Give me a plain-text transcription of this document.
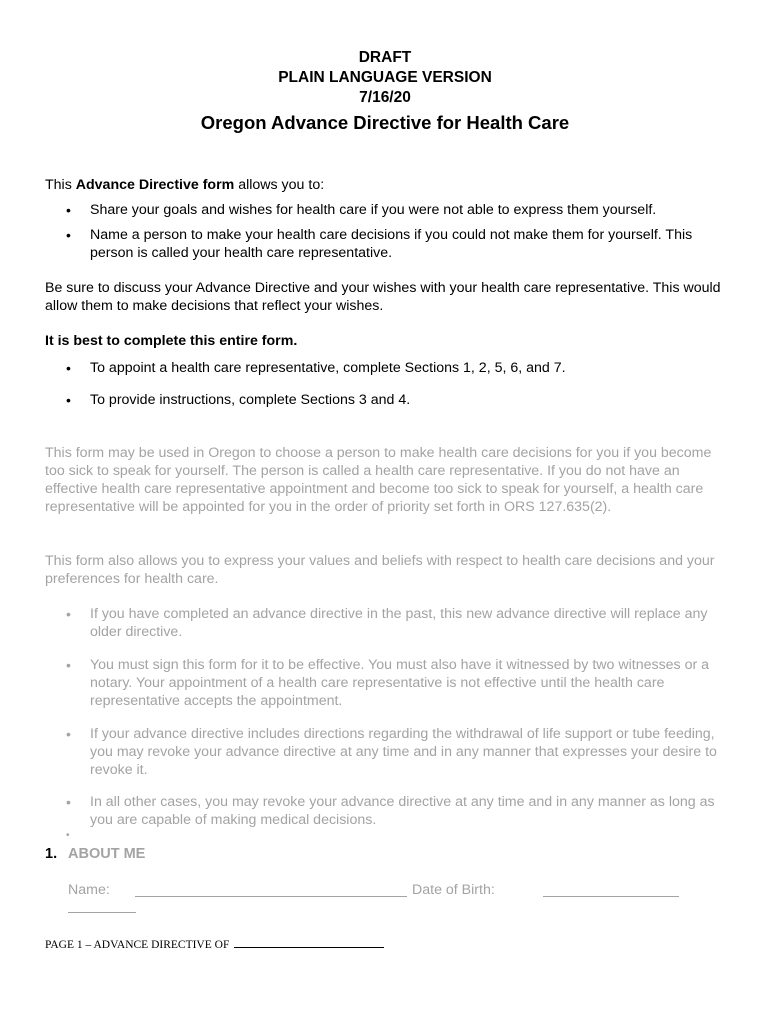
DRAFT
PLAIN LANGUAGE VERSION
7/16/20
Oregon Advance Directive for Health Care

This Advance Directive form allows you to:

• Share your goals and wishes for health care if you were not able to express them yourself.

• Name a person to make your health care decisions if you could not make them for yourself. This person is called your health care representative.

Be sure to discuss your Advance Directive and your wishes with your health care representative. This would allow them to make decisions that reflect your wishes.

It is best to complete this entire form.

• To appoint a health care representative, complete Sections 1, 2, 5, 6, and 7.

• To provide instructions, complete Sections 3 and 4.

This form may be used in Oregon to choose a person to make health care decisions for you if you become too sick to speak for yourself. The person is called a health care representative. If you do not have an effective health care representative appointment and become too sick to speak for yourself, a health care representative will be appointed for you in the order of priority set forth in ORS 127.635(2).

This form also allows you to express your values and beliefs with respect to health care decisions and your preferences for health care.

• If you have completed an advance directive in the past, this new advance directive will replace any older directive.

• You must sign this form for it to be effective. You must also have it witnessed by two witnesses or a notary. Your appointment of a health care representative is not effective until the health care representative accepts the appointment.

• If your advance directive includes directions regarding the withdrawal of life support or tube feeding, you may revoke your advance directive at any time and in any manner that expresses your desire to revoke it.

• In all other cases, you may revoke your advance directive at any time and in any manner as long as you are capable of making medical decisions.

•
1. ABOUT ME
Name:	Date of Birth:
PAGE 1 – ADVANCE DIRECTIVE OF
